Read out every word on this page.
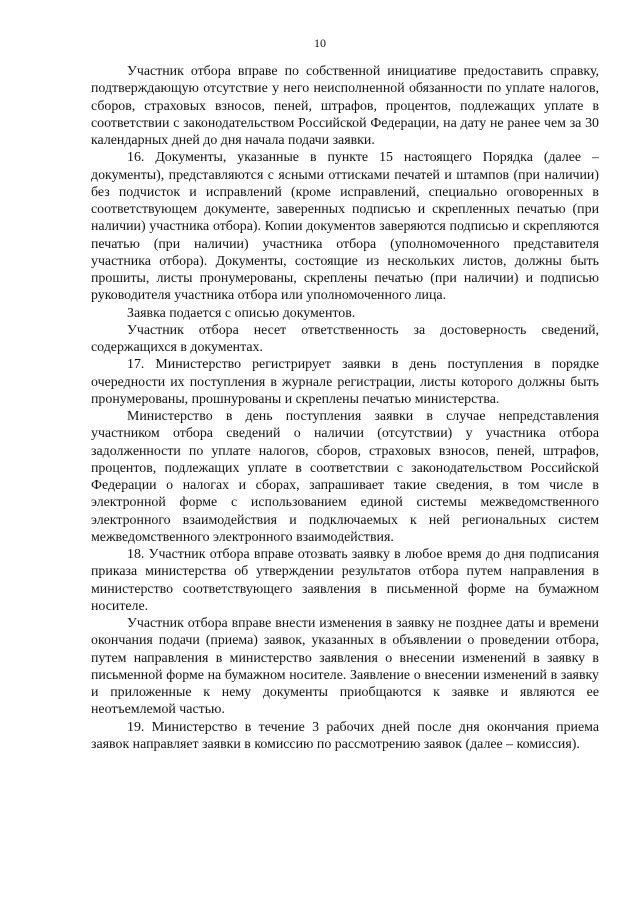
10

Участник отбора вправе по собственной инициативе предоставить справку, подтверждающую отсутствие у него неисполненной обязанности по уплате налогов, сборов, страховых взносов, пеней, штрафов, процентов, подлежащих уплате в соответствии с законодательством Российской Федерации, на дату не ранее чем за 30 календарных дней до дня начала подачи заявки.

16. Документы, указанные в пункте 15 настоящего Порядка (далее – документы), представляются с ясными оттисками печатей и штампов (при наличии) без подчисток и исправлений (кроме исправлений, специально оговоренных в соответствующем документе, заверенных подписью и скрепленных печатью (при наличии) участника отбора). Копии документов заверяются подписью и скрепляются печатью (при наличии) участника отбора (уполномоченного представителя участника отбора). Документы, состоящие из нескольких листов, должны быть прошиты, листы пронумерованы, скреплены печатью (при наличии) и подписью руководителя участника отбора или уполномоченного лица.

Заявка подается с описью документов.

Участник отбора несет ответственность за достоверность сведений, содержащихся в документах.

17. Министерство регистрирует заявки в день поступления в порядке очередности их поступления в журнале регистрации, листы которого должны быть пронумерованы, прошнурованы и скреплены печатью министерства.

Министерство в день поступления заявки в случае непредставления участником отбора сведений о наличии (отсутствии) у участника отбора задолженности по уплате налогов, сборов, страховых взносов, пеней, штрафов, процентов, подлежащих уплате в соответствии с законодательством Российской Федерации о налогах и сборах, запрашивает такие сведения, в том числе в электронной форме с использованием единой системы межведомственного электронного взаимодействия и подключаемых к ней региональных систем межведомственного электронного взаимодействия.

18. Участник отбора вправе отозвать заявку в любое время до дня подписания приказа министерства об утверждении результатов отбора путем направления в министерство соответствующего заявления в письменной форме на бумажном носителе.

Участник отбора вправе внести изменения в заявку не позднее даты и времени окончания подачи (приема) заявок, указанных в объявлении о проведении отбора, путем направления в министерство заявления о внесении изменений в заявку в письменной форме на бумажном носителе. Заявление о внесении изменений в заявку и приложенные к нему документы приобщаются к заявке и являются ее неотъемлемой частью.

19. Министерство в течение 3 рабочих дней после дня окончания приема заявок направляет заявки в комиссию по рассмотрению заявок (далее – комиссия).
